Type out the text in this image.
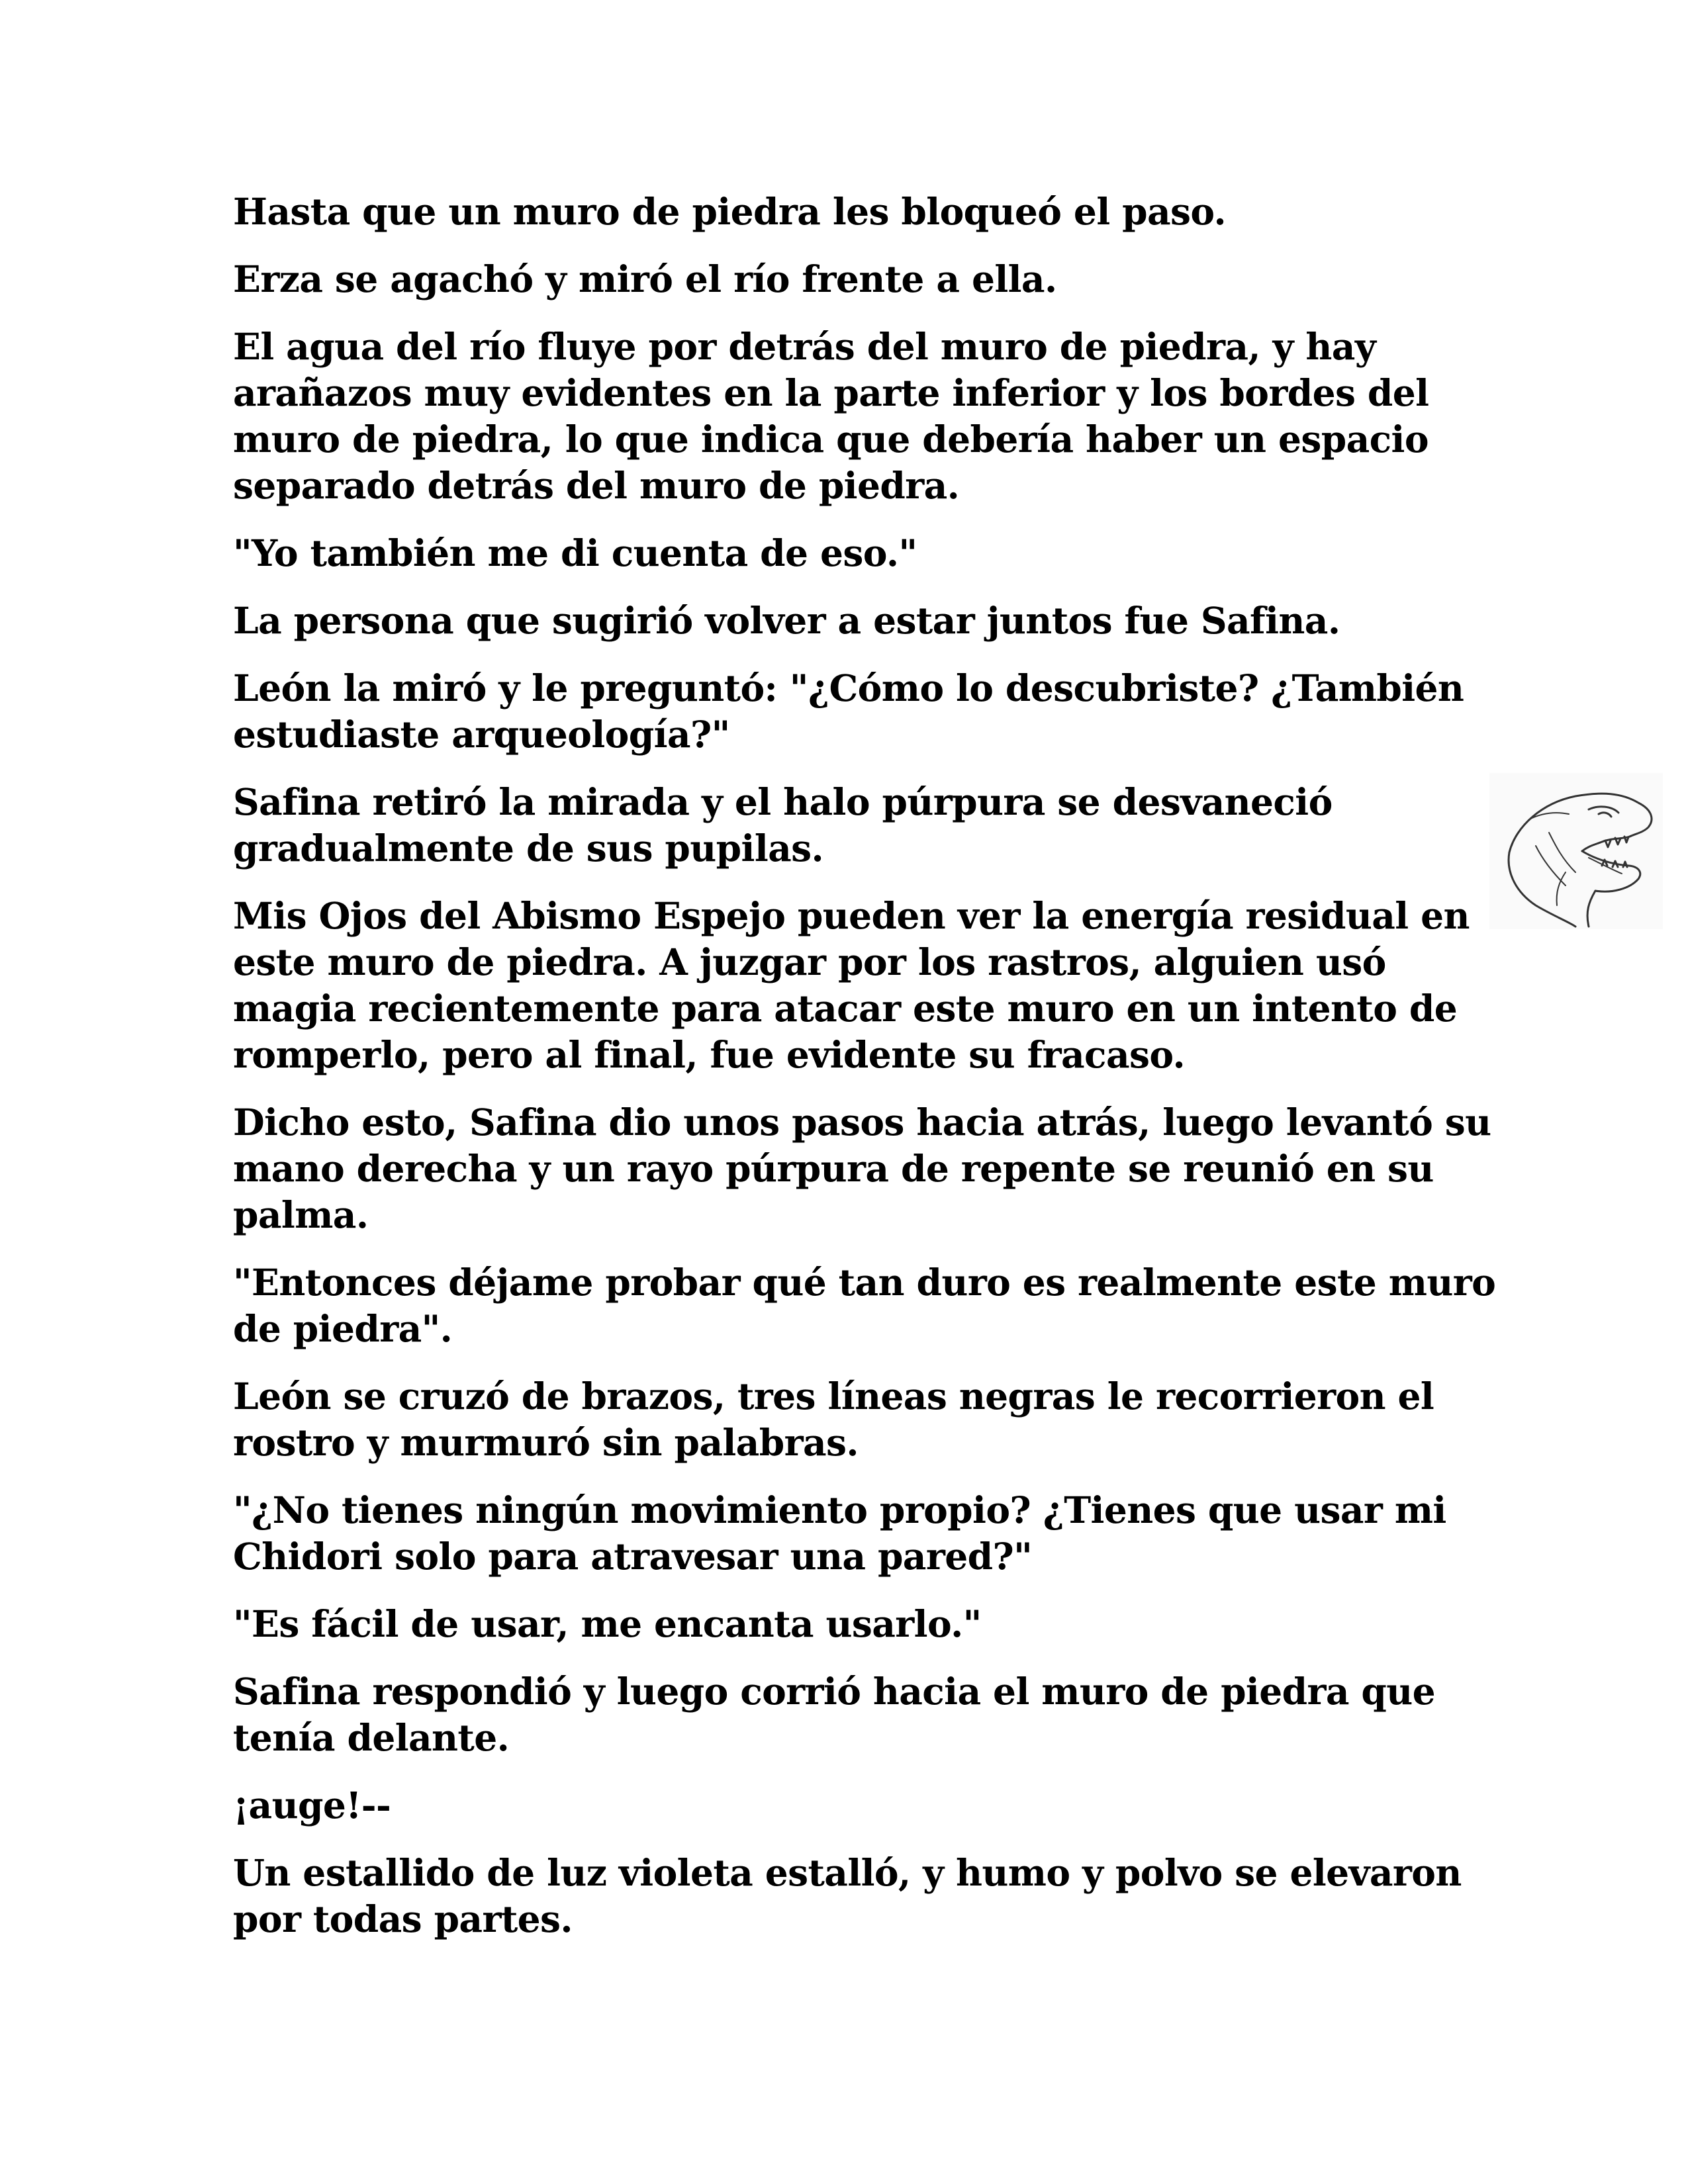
Hasta que un muro de piedra les bloqueó el paso.

Erza se agachó y miró el río frente a ella.

El agua del río fluye por detrás del muro de piedra, y hay
arañazos muy evidentes en la parte inferior y los bordes del
muro de piedra, lo que indica que debería haber un espacio
separado detrás del muro de piedra.

"Yo también me di cuenta de eso."

La persona que sugirió volver a estar juntos fue Safina.

León la miró y le preguntó: "¿Cómo lo descubriste? ¿También
estudiaste arqueología?"

Safina retiró la mirada y el halo púrpura se desvaneció
gradualmente de sus pupilas.

Mis Ojos del Abismo Espejo pueden ver la energía residual en
este muro de piedra. A juzgar por los rastros, alguien usó
magia recientemente para atacar este muro en un intento de
romperlo, pero al final, fue evidente su fracaso.

Dicho esto, Safina dio unos pasos hacia atrás, luego levantó su
mano derecha y un rayo púrpura de repente se reunió en su
palma.

"Entonces déjame probar qué tan duro es realmente este muro
de piedra".

León se cruzó de brazos, tres líneas negras le recorrieron el
rostro y murmuró sin palabras.

"¿No tienes ningún movimiento propio? ¿Tienes que usar mi
Chidori solo para atravesar una pared?"

"Es fácil de usar, me encanta usarlo."

Safina respondió y luego corrió hacia el muro de piedra que
tenía delante.

¡auge!--

Un estallido de luz violeta estalló, y humo y polvo se elevaron
por todas partes.
